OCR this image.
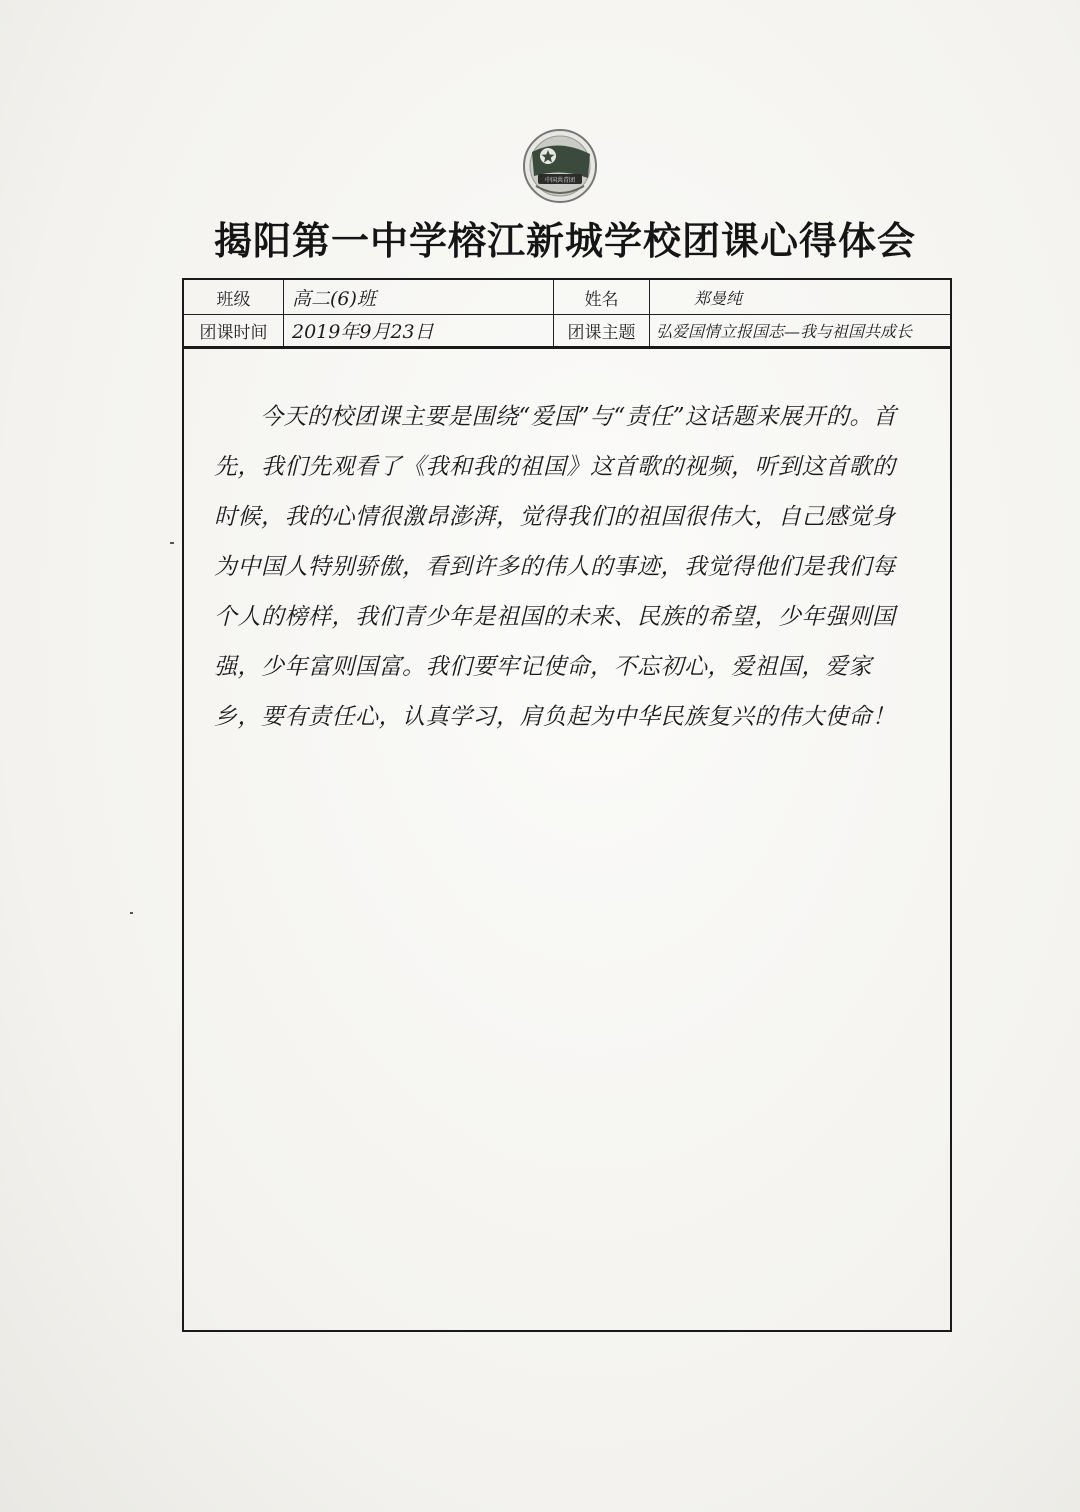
中国共青团
揭阳第一中学榕江新城学校团课心得体会
班级	高二(6)班	姓名	郑曼纯
团课时间	2019年9月23日	团课主题	弘爱国情立报国志—我与祖国共成长
今天的校团课主要是围绕“爱国”与“责任”这话题来展开的。首先，我们先观看了《我和我的祖国》这首歌的视频，听到这首歌的时候，我的心情很激昂澎湃，觉得我们的祖国很伟大，自己感觉身为中国人特别骄傲，看到许多的伟人的事迹，我觉得他们是我们每个人的榜样，我们青少年是祖国的未来、民族的希望，少年强则国强，少年富则国富。我们要牢记使命，不忘初心，爱祖国，爱家乡，要有责任心，认真学习，肩负起为中华民族复兴的伟大使命！
